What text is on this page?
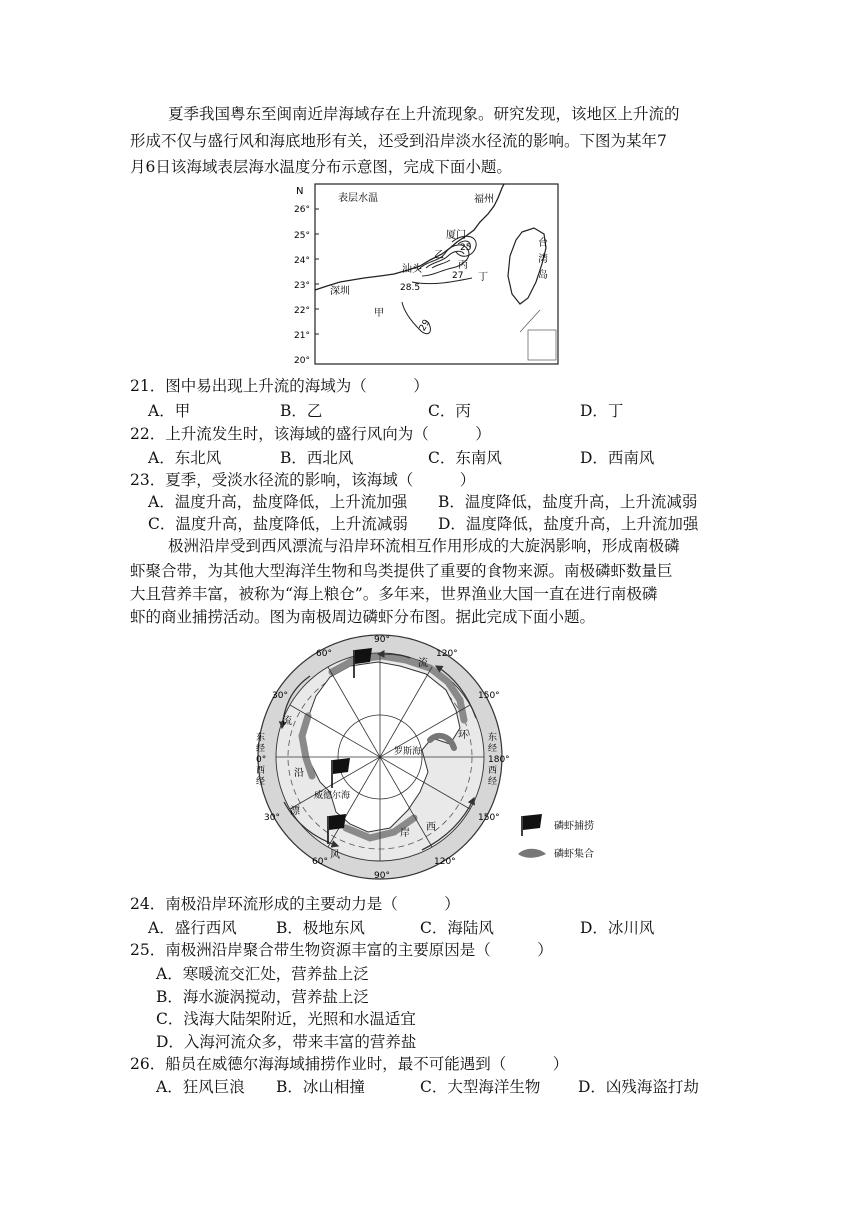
夏季我国粤东至闽南近岸海域存在上升流现象。研究发现，该地区上升流的
形成不仅与盛行风和海底地形有关，还受到沿岸淡水径流的影响。下图为某年7
月6日该海域表层海水温度分布示意图，完成下面小题。
N
26°
25°
24°
23°
22°
21°
20°
表层水温
28.5
29
27
25
福州
厦门
汕头
深圳
台
湾
岛
甲
乙
丙
丁
21．图中易出现上升流的海域为（　　　）
A．甲	B．乙	C．丙	D．丁
22．上升流发生时，该海域的盛行风向为（　　　）
A．东北风	B．西北风	C．东南风	D．西南风
23．夏季，受淡水径流的影响，该海域（　　　）
A．温度升高，盐度降低，上升流加强 B．温度降低，盐度升高，上升流减弱
C．温度升高，盐度降低，上升流减弱 D．温度降低，盐度升高，上升流加强
极洲沿岸受到西风漂流与沿岸环流相互作用形成的大旋涡影响，形成南极磷
虾聚合带，为其他大型海洋生物和鸟类提供了重要的食物来源。南极磷虾数量巨
大且营养丰富，被称为“海上粮仓”。多年来，世界渔业大国一直在进行南极磷
虾的商业捕捞活动。图为南极周边磷虾分布图。据此完成下面小题。
90°
90°
60°	120°
30°	150°
30°	150°
60°	120°
东
经
0°
西
经
东
经
180°
西
经
流
流
环
沿
漂
岸
西
风
罗斯海
威德尔海
磷虾捕捞
磷虾集合
24．南极沿岸环流形成的主要动力是（　　　）
A．盛行西风	B．极地东风	C．海陆风	D．冰川风
25．南极洲沿岸聚合带生物资源丰富的主要原因是（　　　）
A．寒暖流交汇处，营养盐上泛
B．海水漩涡搅动，营养盐上泛
C．浅海大陆架附近，光照和水温适宜
D．入海河流众多，带来丰富的营养盐
26．船员在威德尔海海域捕捞作业时，最不可能遇到（　　　）
A．狂风巨浪 B．冰山相撞	C．大型海洋生物 D．凶残海盗打劫
